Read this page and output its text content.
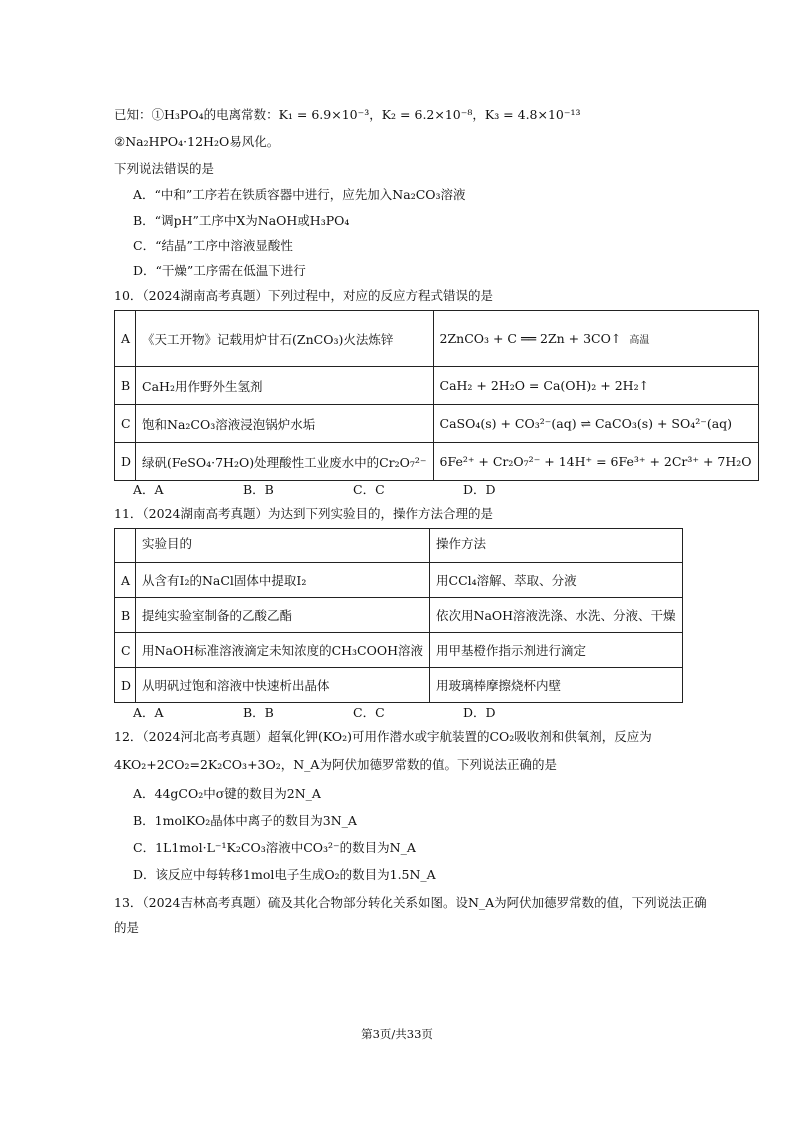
已知：①H₃PO₄的电离常数：K₁ = 6.9×10⁻³，K₂ = 6.2×10⁻⁸，K₃ = 4.8×10⁻¹³
②Na₂HPO₄·12H₂O易风化。
下列说法错误的是
A．“中和”工序若在铁质容器中进行，应先加入Na₂CO₃溶液
B．“调pH”工序中X为NaOH或H₃PO₄
C．“结晶”工序中溶液显酸性
D．“干燥”工序需在低温下进行
10．（2024湖南高考真题）下列过程中，对应的反应方程式错误的是
A	《天工开物》记载用炉甘石(ZnCO₃)火法炼锌	2ZnCO₃ + C ══ 2Zn + 3CO↑ 高温
B	CaH₂用作野外生氢剂	CaH₂ + 2H₂O = Ca(OH)₂ + 2H₂↑
C	饱和Na₂CO₃溶液浸泡锅炉水垢	CaSO₄(s) + CO₃²⁻(aq) ⇌ CaCO₃(s) + SO₄²⁻(aq)
D	绿矾(FeSO₄·7H₂O)处理酸性工业废水中的Cr₂O₇²⁻	6Fe²⁺ + Cr₂O₇²⁻ + 14H⁺ = 6Fe³⁺ + 2Cr³⁺ + 7H₂O
A．A	B．B	C．C	D．D
11．（2024湖南高考真题）为达到下列实验目的，操作方法合理的是
	实验目的	操作方法
A	从含有I₂的NaCl固体中提取I₂	用CCl₄溶解、萃取、分液
B	提纯实验室制备的乙酸乙酯	依次用NaOH溶液洗涤、水洗、分液、干燥
C	用NaOH标准溶液滴定未知浓度的CH₃COOH溶液	用甲基橙作指示剂进行滴定
D	从明矾过饱和溶液中快速析出晶体	用玻璃棒摩擦烧杯内壁
A．A	B．B	C．C	D．D
12．（2024河北高考真题）超氧化钾(KO₂)可用作潜水或宇航装置的CO₂吸收剂和供氧剂，反应为
4KO₂+2CO₂=2K₂CO₃+3O₂，N_A为阿伏加德罗常数的值。下列说法正确的是
A．44gCO₂中σ键的数目为2N_A
B．1molKO₂晶体中离子的数目为3N_A
C．1L1mol·L⁻¹K₂CO₃溶液中CO₃²⁻的数目为N_A
D．该反应中每转移1mol电子生成O₂的数目为1.5N_A
13．（2024吉林高考真题）硫及其化合物部分转化关系如图。设N_A为阿伏加德罗常数的值，下列说法正确
的是
第3页/共33页
